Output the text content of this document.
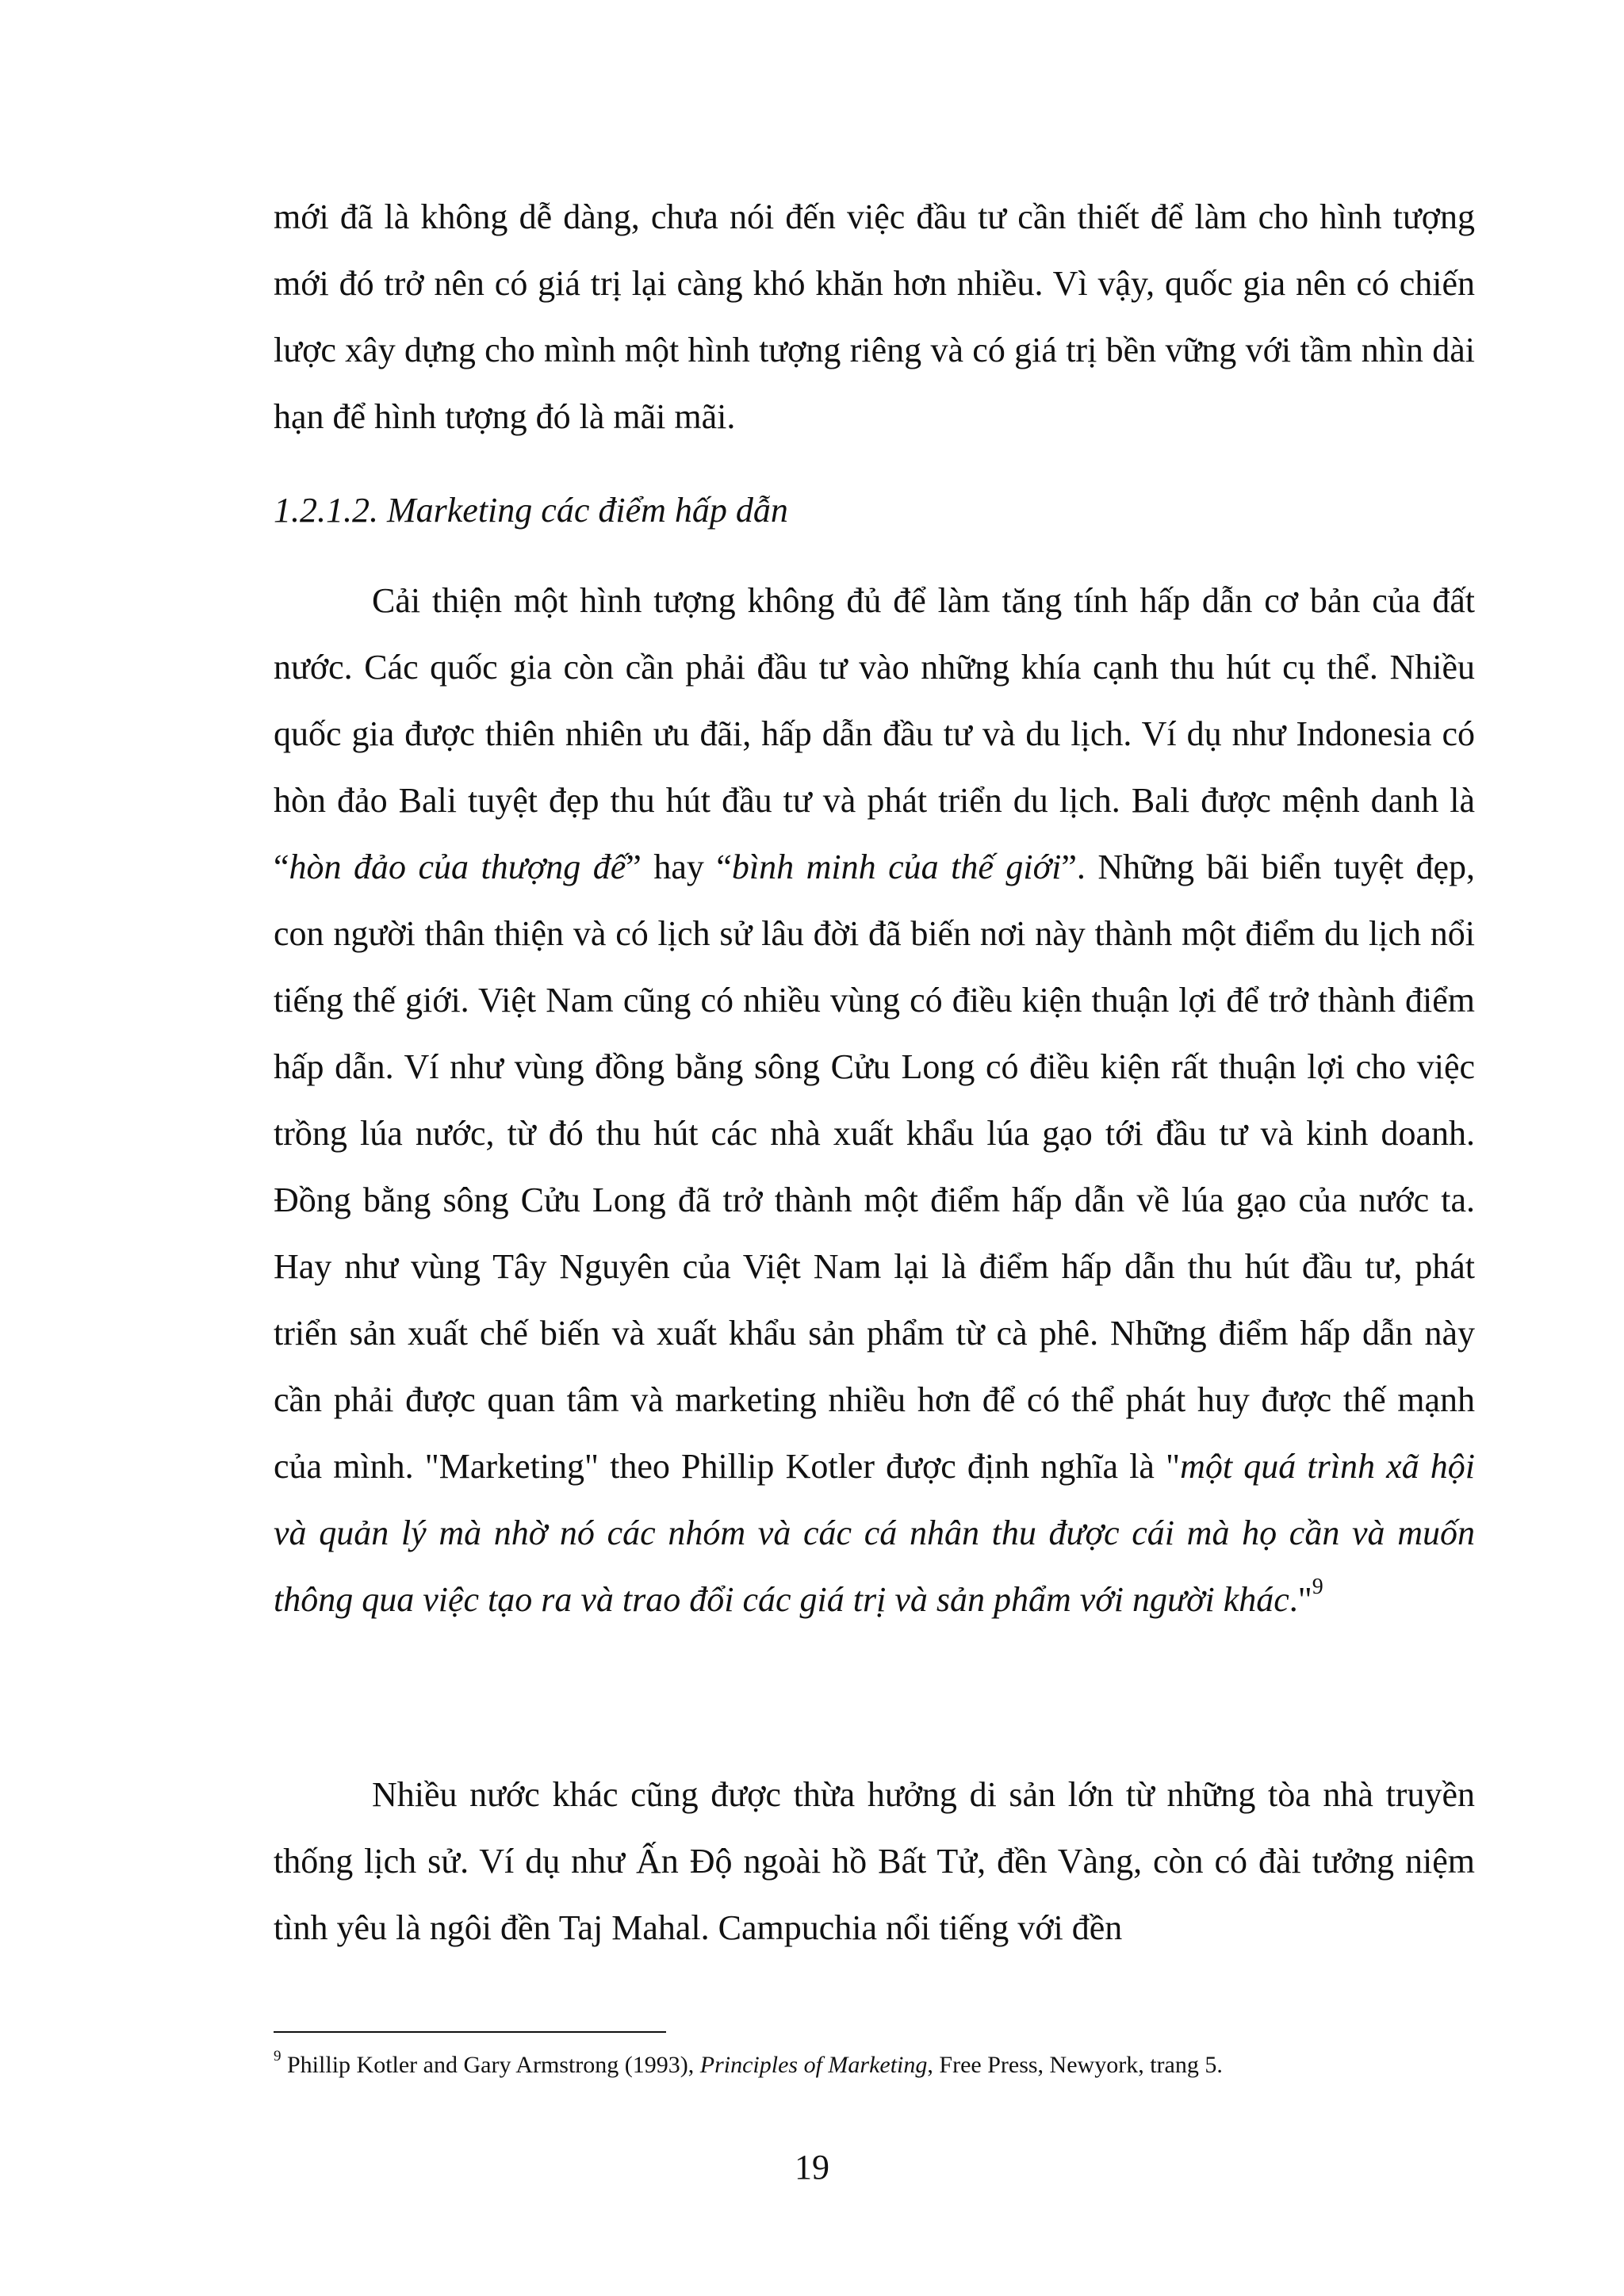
mới đã là không dễ dàng, chưa nói đến việc đầu tư cần thiết để làm cho hình tượng mới đó trở nên có giá trị lại càng khó khăn hơn nhiều. Vì vậy, quốc gia nên có chiến lược xây dựng cho mình một hình tượng riêng và có giá trị bền vững với tầm nhìn dài hạn để hình tượng đó là mãi mãi.

1.2.1.2. Marketing các điểm hấp dẫn

Cải thiện một hình tượng không đủ để làm tăng tính hấp dẫn cơ bản của đất nước. Các quốc gia còn cần phải đầu tư vào những khía cạnh thu hút cụ thể. Nhiều quốc gia được thiên nhiên ưu đãi, hấp dẫn đầu tư và du lịch. Ví dụ như Indonesia có hòn đảo Bali tuyệt đẹp thu hút đầu tư và phát triển du lịch. Bali được mệnh danh là “hòn đảo của thượng đế” hay “bình minh của thế giới”. Những bãi biển tuyệt đẹp, con người thân thiện và có lịch sử lâu đời đã biến nơi này thành một điểm du lịch nổi tiếng thế giới. Việt Nam cũng có nhiều vùng có điều kiện thuận lợi để trở thành điểm hấp dẫn. Ví như vùng đồng bằng sông Cửu Long có điều kiện rất thuận lợi cho việc trồng lúa nước, từ đó thu hút các nhà xuất khẩu lúa gạo tới đầu tư và kinh doanh. Đồng bằng sông Cửu Long đã trở thành một điểm hấp dẫn về lúa gạo của nước ta. Hay như vùng Tây Nguyên của Việt Nam lại là điểm hấp dẫn thu hút đầu tư, phát triển sản xuất chế biến và xuất khẩu sản phẩm từ cà phê. Những điểm hấp dẫn này cần phải được quan tâm và marketing nhiều hơn để có thể phát huy được thế mạnh của mình. "Marketing" theo Phillip Kotler được định nghĩa là "một quá trình xã hội và quản lý mà nhờ nó các nhóm và các cá nhân thu được cái mà họ cần và muốn thông qua việc tạo ra và trao đổi các giá trị và sản phẩm với người khác."$^9$

Nhiều nước khác cũng được thừa hưởng di sản lớn từ những tòa nhà truyền thống lịch sử. Ví dụ như Ấn Độ ngoài hồ Bất Tử, đền Vàng, còn có đài tưởng niệm tình yêu là ngôi đền Taj Mahal. Campuchia nổi tiếng với đền

$^9$ Phillip Kotler and Gary Armstrong (1993), Principles of Marketing, Free Press, Newyork, trang 5.

19
